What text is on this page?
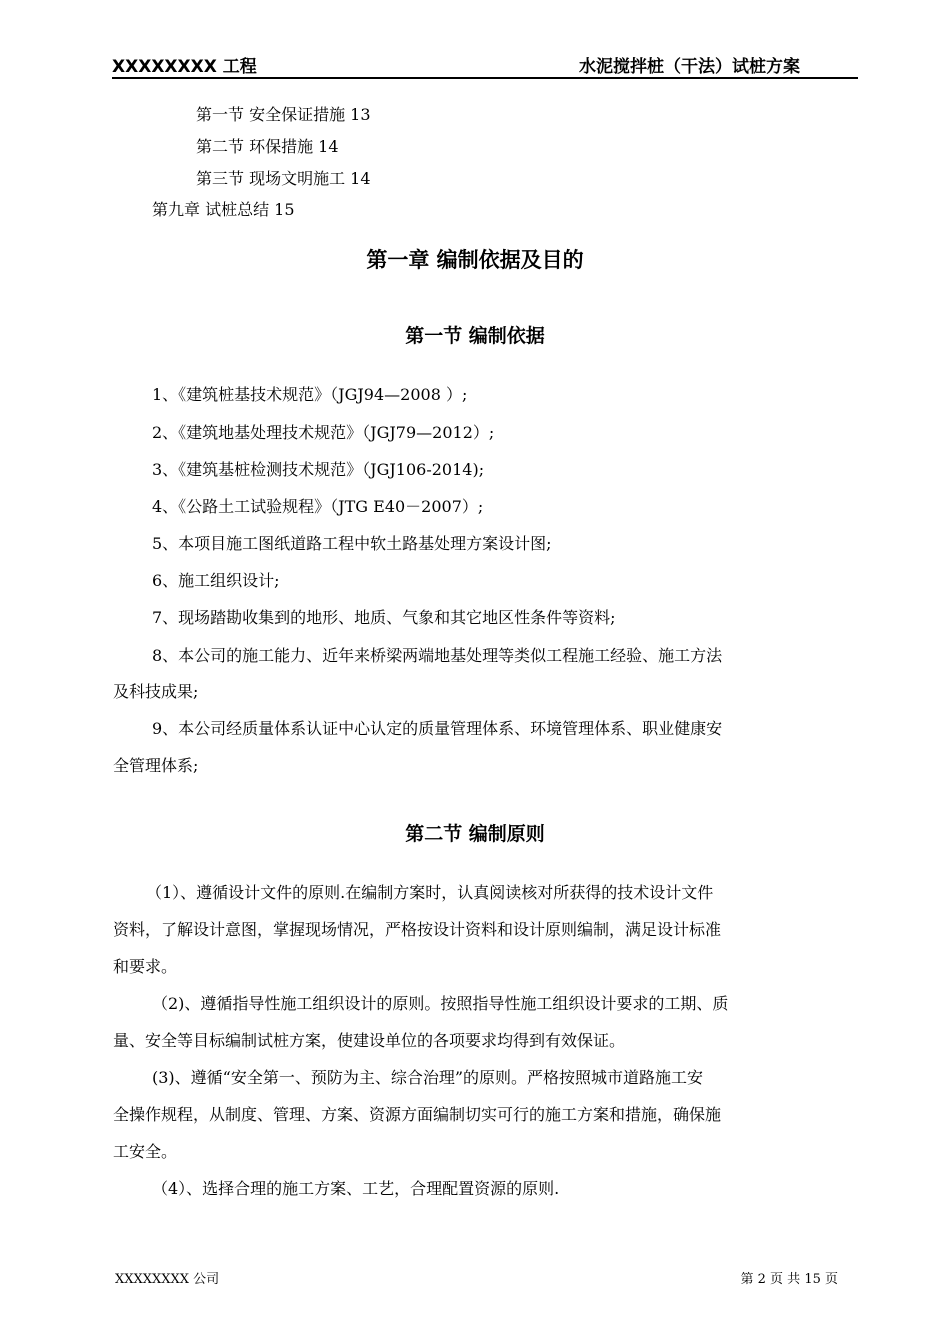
XXXXXXXX 工程	水泥搅拌桩（干法）试桩方案
第一节 安全保证措施 13
第二节 环保措施 14
第三节 现场文明施工 14
第九章 试桩总结 15
第一章 编制依据及目的
第一节 编制依据
1、《建筑桩基技术规范》（JGJ94—2008 ）;
2、《建筑地基处理技术规范》（JGJ79—2012）;
3、《建筑基桩检测技术规范》（JGJ106-2014);
4、《公路土工试验规程》（JTG E40－2007）;
5、本项目施工图纸道路工程中软土路基处理方案设计图;
6、施工组织设计;
7、现场踏勘收集到的地形、地质、气象和其它地区性条件等资料;
8、本公司的施工能力、近年来桥梁两端地基处理等类似工程施工经验、施工方法
及科技成果;
9、本公司经质量体系认证中心认定的质量管理体系、环境管理体系、职业健康安
全管理体系;
第二节 编制原则
（1）、遵循设计文件的原则.在编制方案时，认真阅读核对所获得的技术设计文件
资料，了解设计意图，掌握现场情况，严格按设计资料和设计原则编制，满足设计标准
和要求。
（2)、遵循指导性施工组织设计的原则。按照指导性施工组织设计要求的工期、质
量、安全等目标编制试桩方案，使建设单位的各项要求均得到有效保证。
(3)、遵循“安全第一、预防为主、综合治理”的原则。严格按照城市道路施工安
全操作规程，从制度、管理、方案、资源方面编制切实可行的施工方案和措施，确保施
工安全。
（4）、选择合理的施工方案、工艺，合理配置资源的原则.
XXXXXXXX 公司	第 2 页 共 15 页
